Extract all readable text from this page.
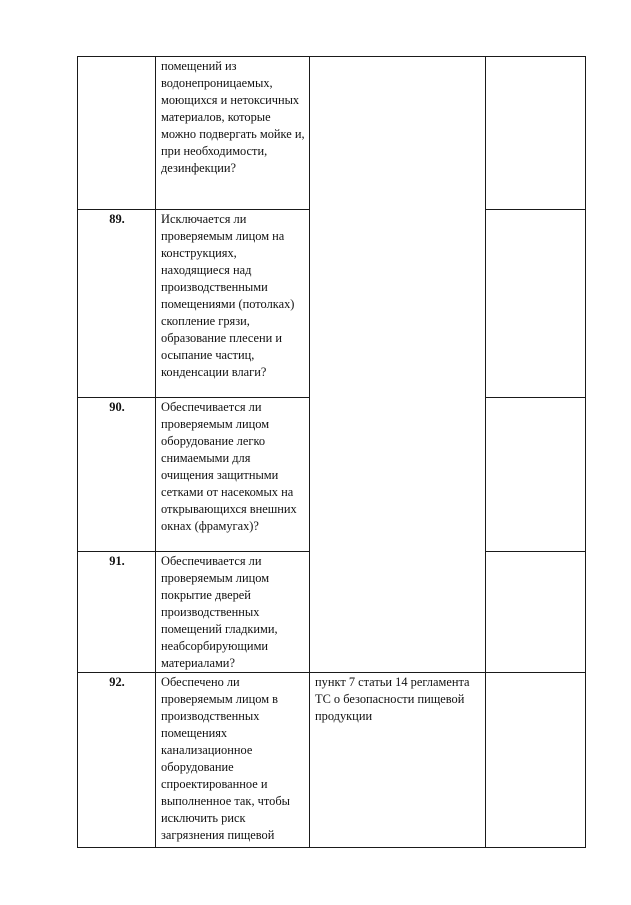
	помещений из водонепроницаемых, моющихся и нетоксичных материалов, которые можно подвергать мойке и, при необходимости, дезинфекции?		
89.	Исключается ли проверяемым лицом на конструкциях, находящиеся над производственными помещениями (потолках) скопление грязи, образование плесени и осыпание частиц, конденсации влаги?		
90.	Обеспечивается ли проверяемым лицом оборудование легко снимаемыми для очищения защитными сетками от насекомых на открывающихся внешних окнах (фрамугах)?		
91.	Обеспечивается ли проверяемым лицом покрытие дверей производственных помещений гладкими, неабсорбирующими материалами?		
92.	Обеспечено ли проверяемым лицом в производственных помещениях канализационное оборудование спроектированное и выполненное так, чтобы исключить риск загрязнения пищевой	пункт 7 статьи 14 регламента ТС о безопасности пищевой продукции	
